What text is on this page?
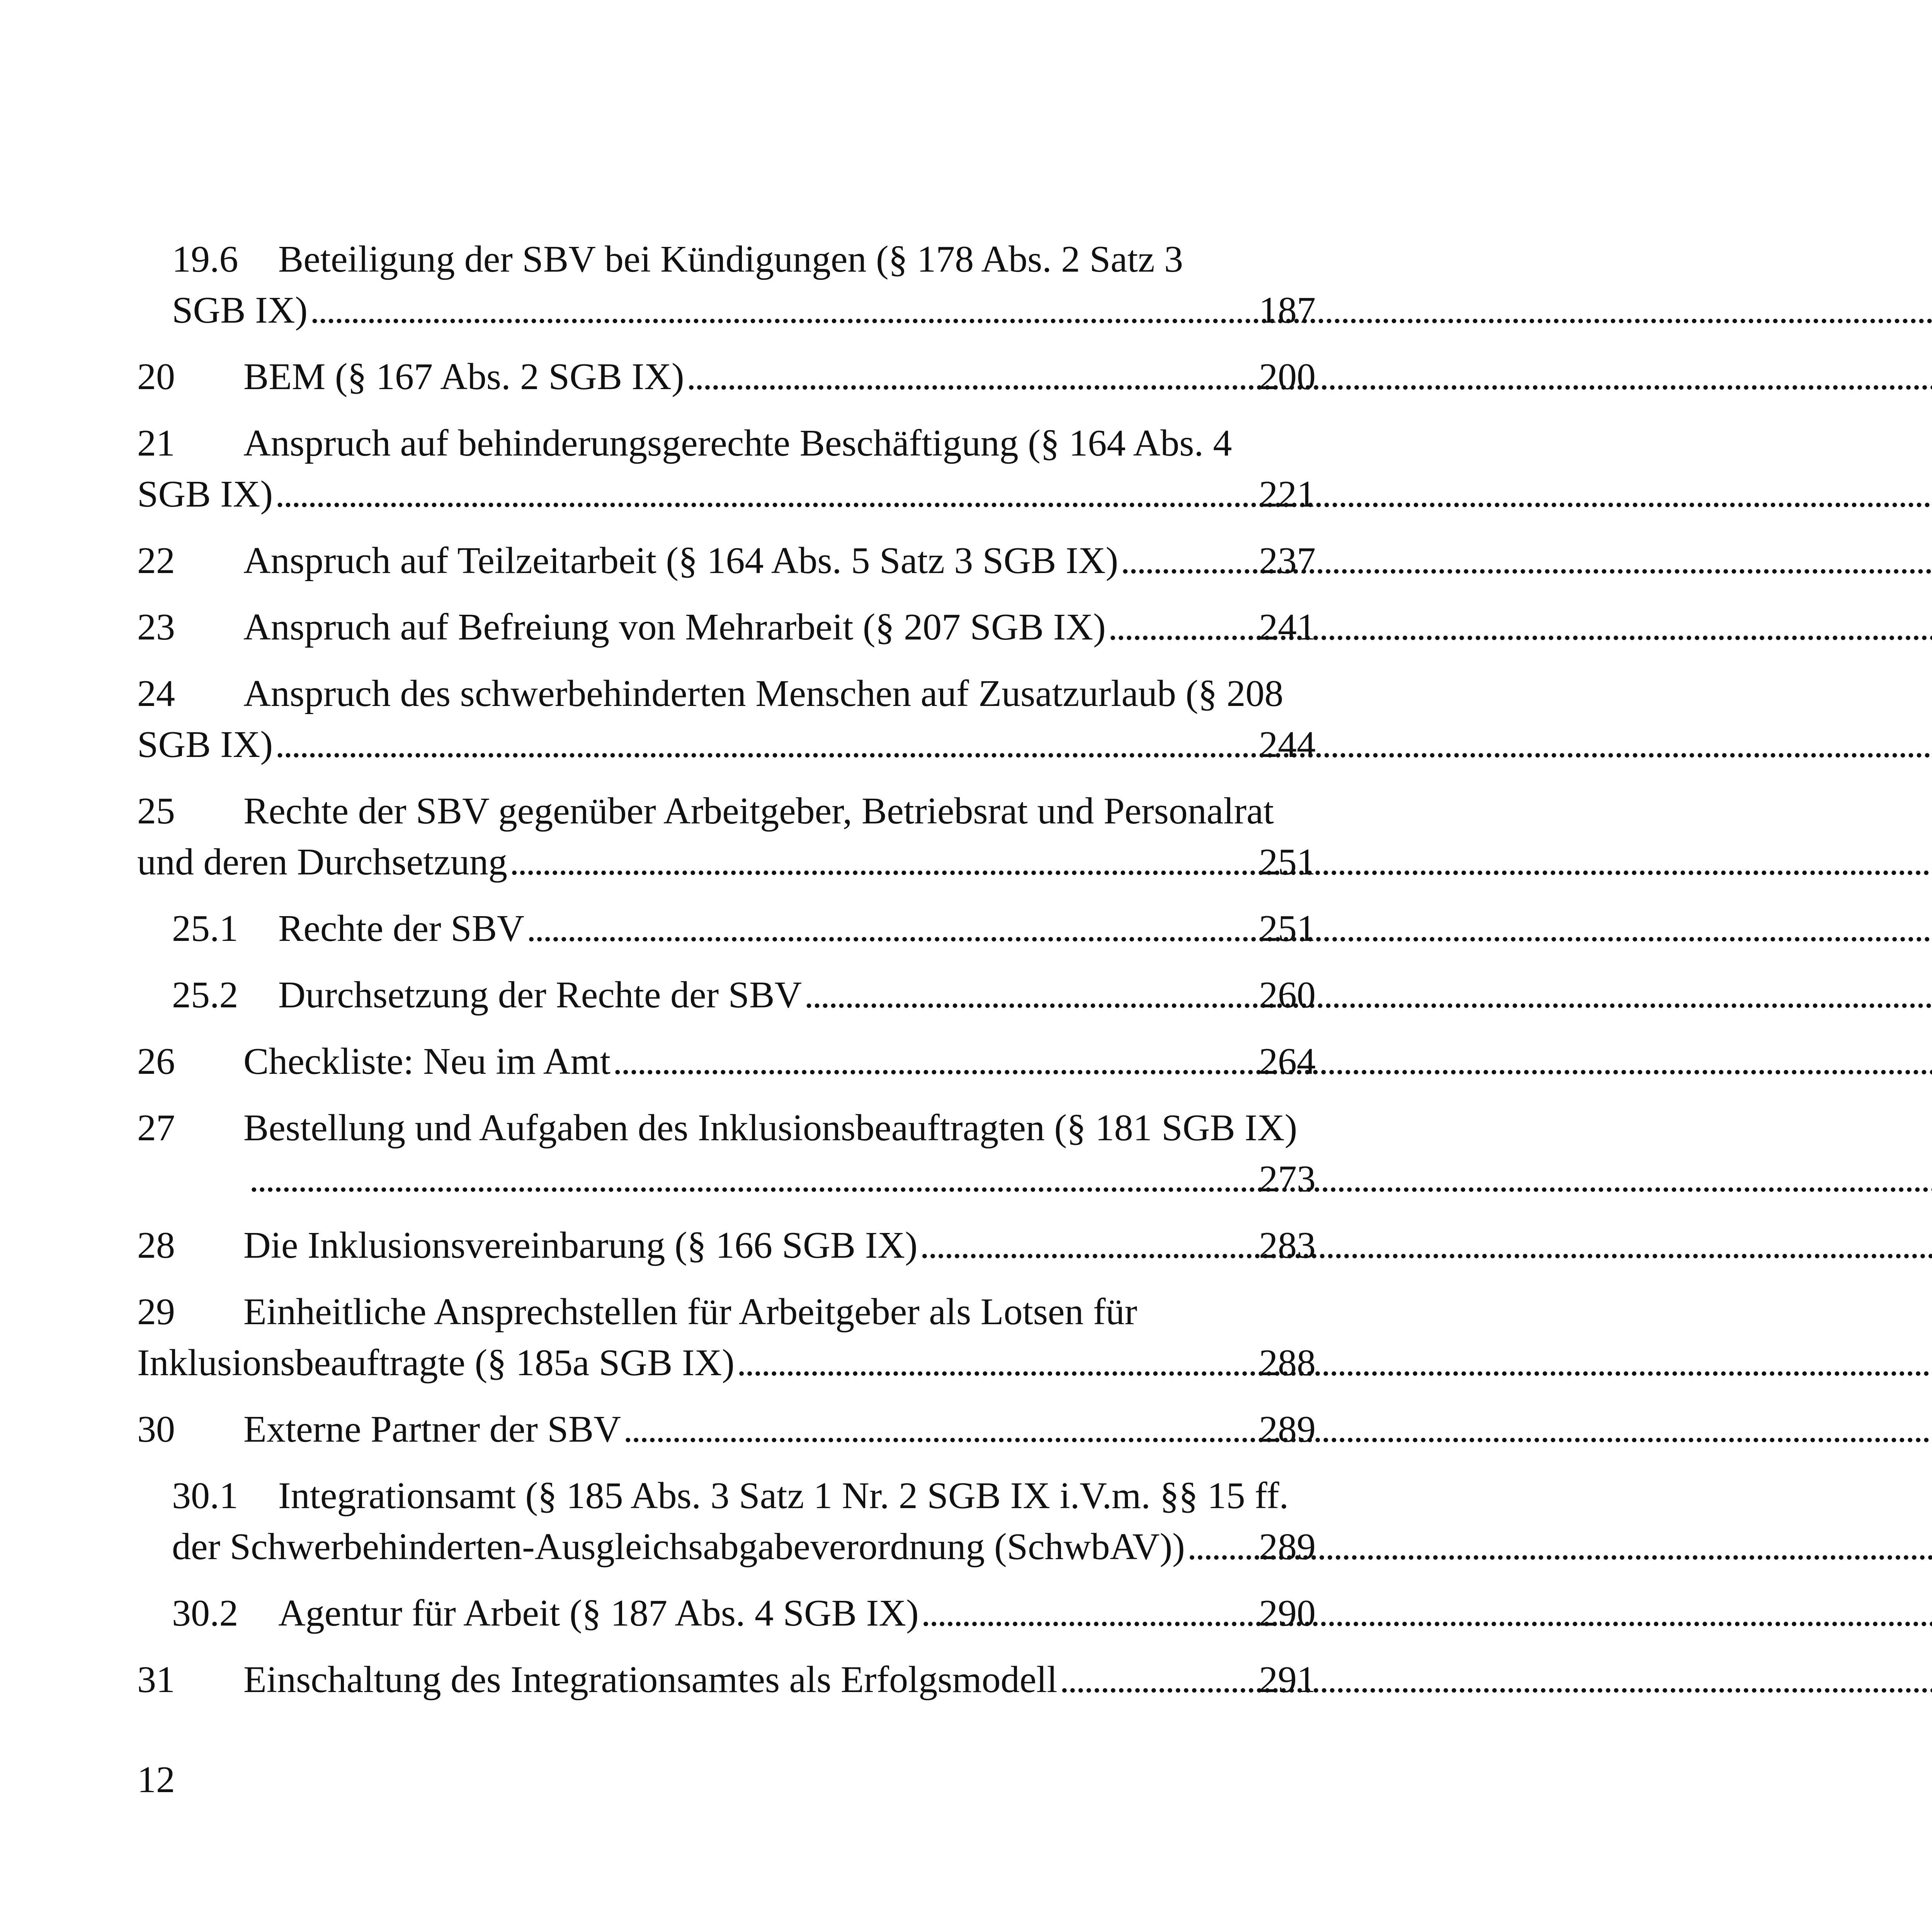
19.6	Beteiligung der SBV bei Kündigungen (§ 178 Abs. 2 Satz 3
SGB IX) . . .	187
20	BEM (§ 167 Abs. 2 SGB IX) . . .	200
21	Anspruch auf behinderungsgerechte Beschäftigung (§ 164 Abs. 4
SGB IX) . . .	221
22	Anspruch auf Teilzeitarbeit (§ 164 Abs. 5 Satz 3 SGB IX) . . .	237
23	Anspruch auf Befreiung von Mehrarbeit (§ 207 SGB IX) . . .	241
24	Anspruch des schwerbehinderten Menschen auf Zusatzurlaub (§ 208
SGB IX) . . .	244
25	Rechte der SBV gegenüber Arbeitgeber, Betriebsrat und Personalrat
und deren Durchsetzung . . .	251
25.1	Rechte der SBV . . .	251
25.2	Durchsetzung der Rechte der SBV . . .	260
26	Checkliste: Neu im Amt . . .	264
27	Bestellung und Aufgaben des Inklusionsbeauftragten (§ 181 SGB IX)
. . .
273
28	Die Inklusionsvereinbarung (§ 166 SGB IX) . . .	283
29	Einheitliche Ansprechstellen für Arbeitgeber als Lotsen für
Inklusionsbeauftragte (§ 185a SGB IX) . . .	288
30	Externe Partner der SBV . . .	289
30.1	Integrationsamt (§ 185 Abs. 3 Satz 1 Nr. 2 SGB IX i.V.m. §§ 15 ff.
der Schwerbehinderten-Ausgleichsabgabeverordnung (SchwbAV)) . . . 289
30.2	Agentur für Arbeit (§ 187 Abs. 4 SGB IX) . . .	290
31	Einschaltung des Integrationsamtes als Erfolgsmodell . . .	291
12
